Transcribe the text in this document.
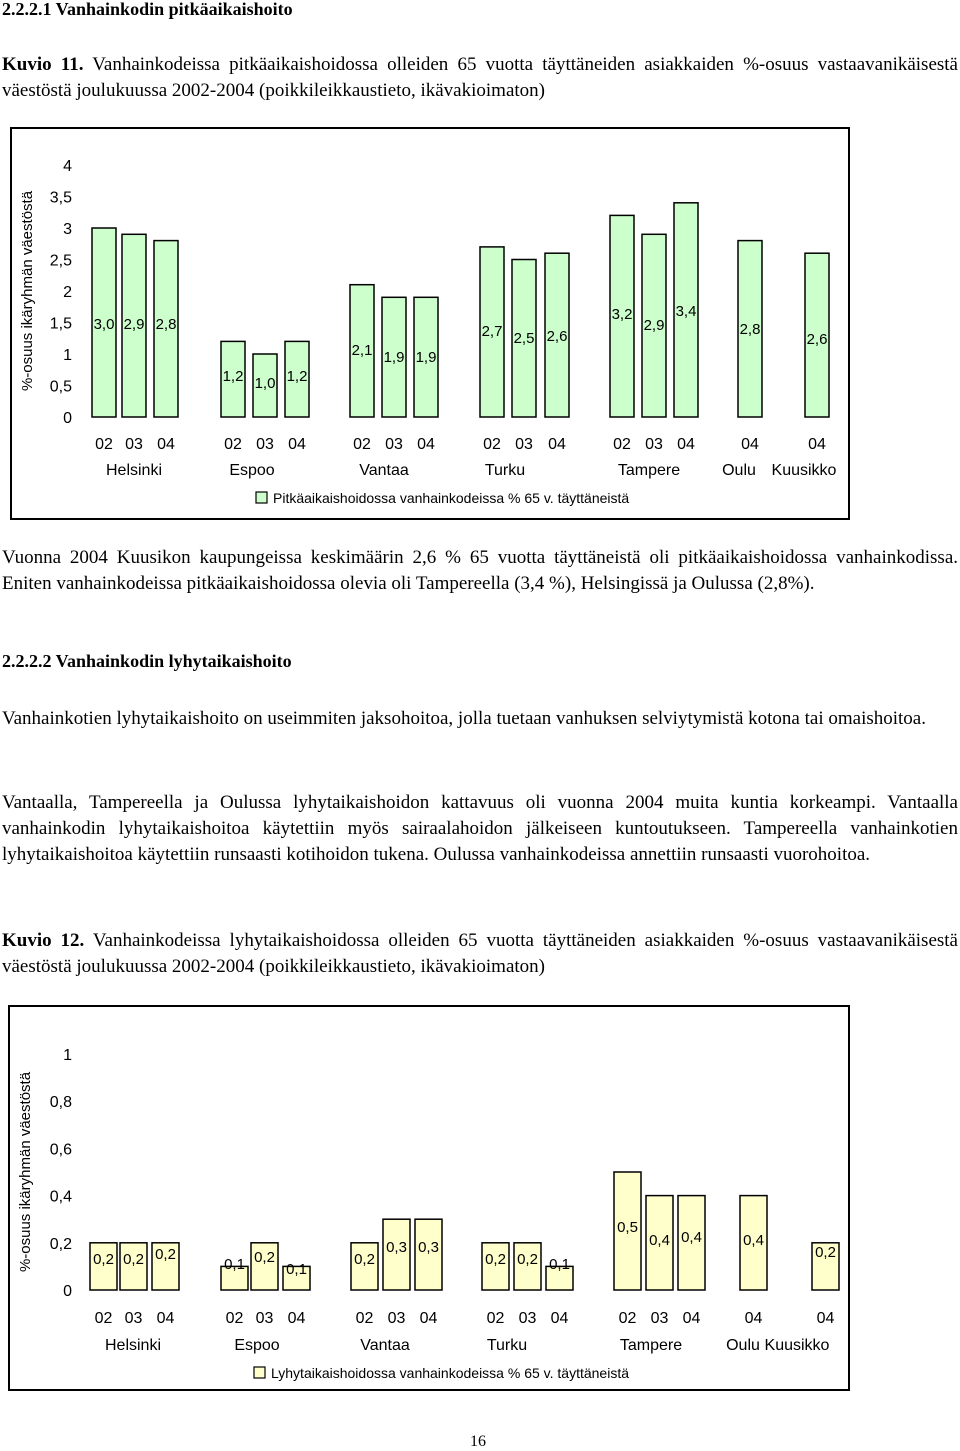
2.2.2.1 Vanhainkodin pitkäaikaishoito

Kuvio 11. Vanhainkodeissa pitkäaikaishoidossa olleiden 65 vuotta täyttäneiden asiakkaiden %-osuus vastaavanikäisestä väestöstä joulukuussa 2002-2004 (poikkileikkaustieto, ikävakioimaton)

%-osuus ikäryhmän väestöstä
0
0,5
1
1,5
2
2,5
3
3,5
4
3,0
02
2,9
03
2,8
04
Helsinki
1,2
02
1,0
03
1,2
04
Espoo
2,1
02
1,9
03
1,9
04
Vantaa
2,7
02
2,5
03
2,6
04
Turku
3,2
02
2,9
03
3,4
04
Tampere
2,8
04
Oulu
2,6
04
Kuusikko
Pitkäaikaishoidossa vanhainkodeissa % 65 v. täyttäneistä

Vuonna 2004 Kuusikon kaupungeissa keskimäärin 2,6 % 65 vuotta täyttäneistä oli pitkäaikaishoidossa vanhainkodissa. Eniten vanhainkodeissa pitkäaikaishoidossa olevia oli Tampereella (3,4 %), Helsingissä ja Oulussa (2,8%).

2.2.2.2 Vanhainkodin lyhytaikaishoito

Vanhainkotien lyhytaikaishoito on useimmiten jaksohoitoa, jolla tuetaan vanhuksen selviytymistä kotona tai omaishoitoa.

Vantaalla, Tampereella ja Oulussa lyhytaikaishoidon kattavuus oli vuonna 2004 muita kuntia korkeampi. Vantaalla vanhainkodin lyhytaikaishoitoa käytettiin myös sairaalahoidon jälkeiseen kuntoutukseen. Tampereella vanhainkotien lyhytaikaishoitoa käytettiin runsaasti kotihoidon tukena. Oulussa vanhainkodeissa annettiin runsaasti vuorohoitoa.

Kuvio 12. Vanhainkodeissa lyhytaikaishoidossa olleiden 65 vuotta täyttäneiden asiakkaiden %-osuus vastaavanikäisestä väestöstä joulukuussa 2002-2004 (poikkileikkaustieto, ikävakioimaton)

%-osuus ikäryhmän väestöstä
0
0,2
0,4
0,6
0,8
1
0,2
02
0,2
03
0,2
04
Helsinki
0,1
02
0,2
03
0,1
04
Espoo
0,2
02
0,3
03
0,3
04
Vantaa
0,2
02
0,2
03
0,1
04
Turku
0,5
02
0,4
03
0,4
04
Tampere
0,4
04
Oulu
0,2
04
Kuusikko
Lyhytaikaishoidossa vanhainkodeissa % 65 v. täyttäneistä
16
